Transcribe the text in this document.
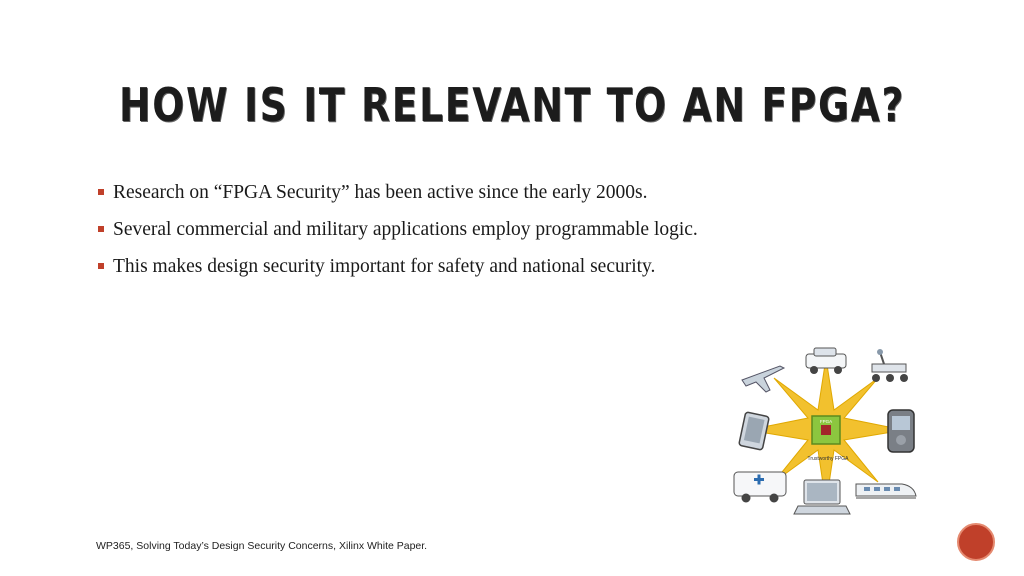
HOW IS IT RELEVANT TO AN FPGA?
Research on “FPGA Security” has been active since the early 2000s.
Several commercial and military applications employ programmable logic.
This makes design security important for safety and national security.
FPGA
Trustworthy FPGA
WP365, Solving Today’s Design Security Concerns, Xilinx White Paper.
